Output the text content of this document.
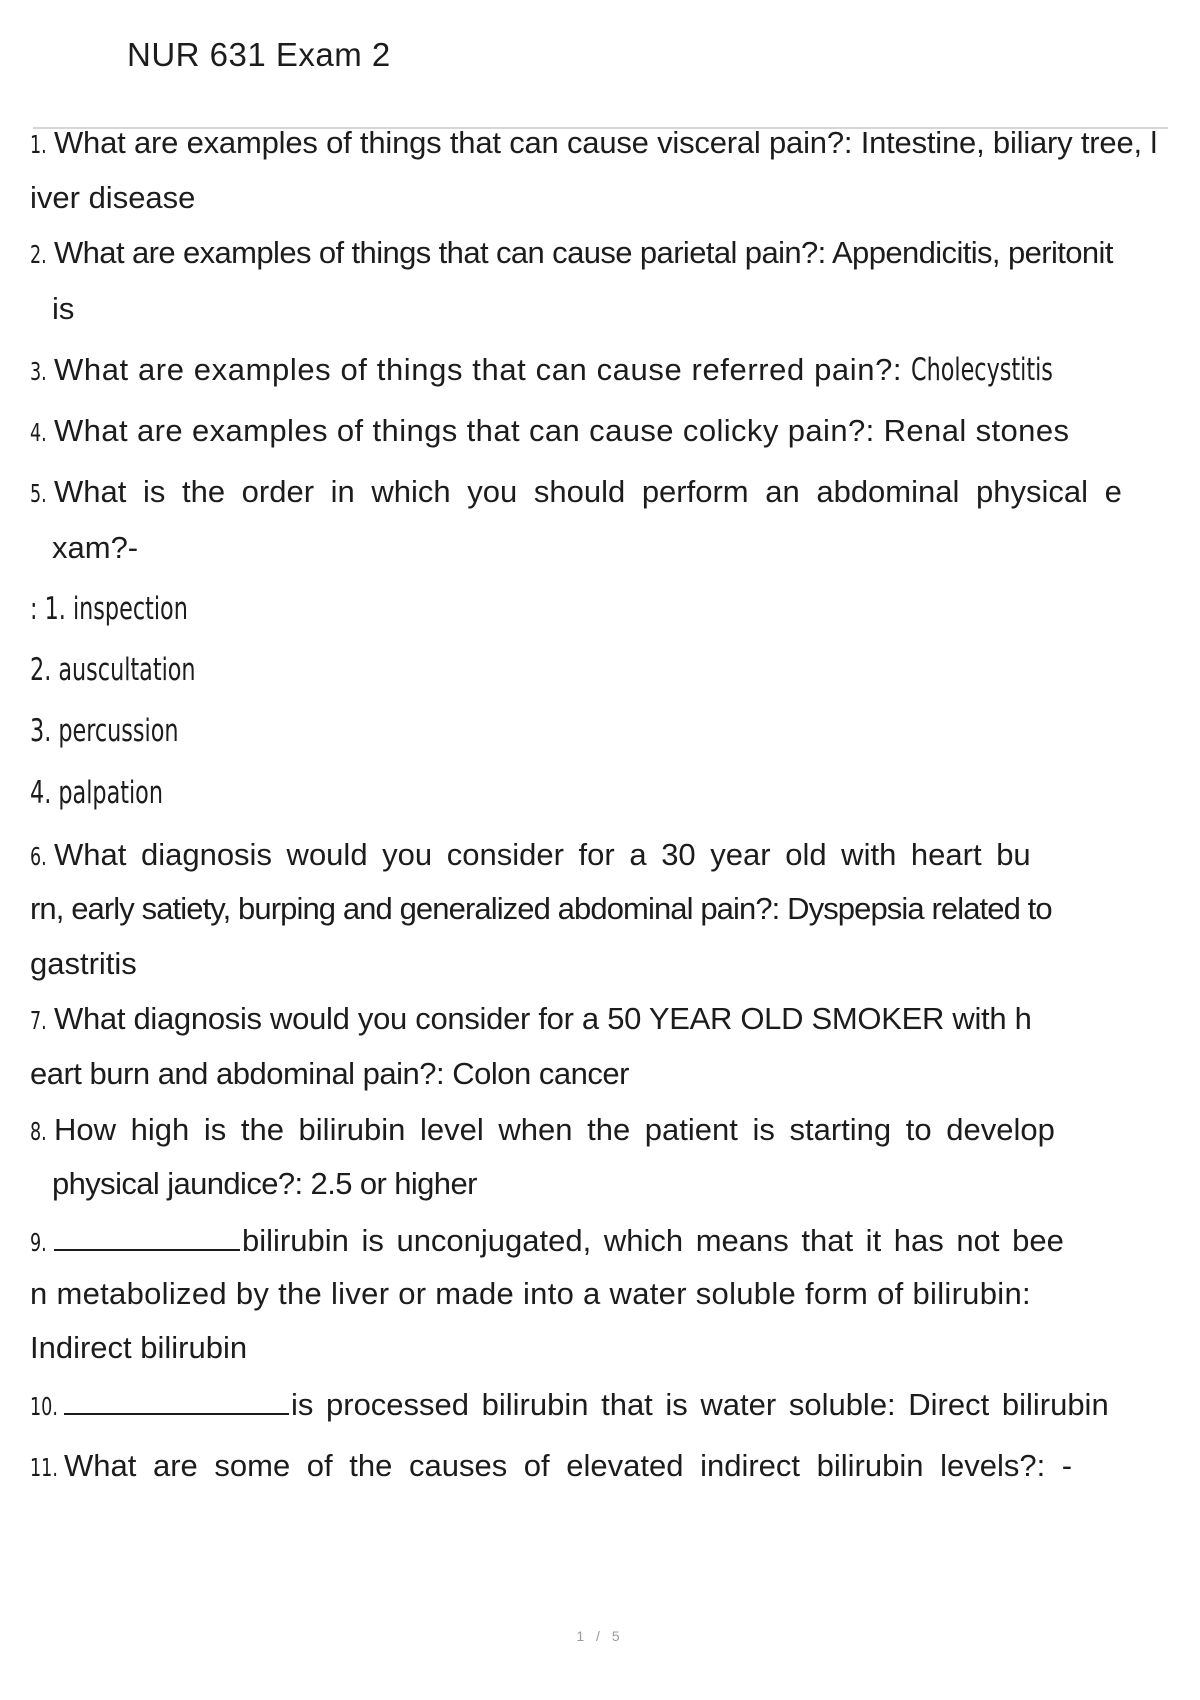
NUR 631 Exam 2
1. What are examples of things that can cause visceral pain?: Intestine, biliary tree, l
iver disease
2. What are examples of things that can cause parietal pain?: Appendicitis, peritonit
is
3. What are examples of things that can cause referred pain?: Cholecystitis
4. What are examples of things that can cause colicky pain?: Renal stones
5. What is the order in which you should perform an abdominal physical e
xam?-
: 1. inspection
2. auscultation
3. percussion
4. palpation
6. What diagnosis would you consider for a 30 year old with heart bu
rn, early satiety, burping and generalized abdominal pain?: Dyspepsia related to
gastritis
7. What diagnosis would you consider for a 50 YEAR OLD SMOKER with h
eart burn and abdominal pain?: Colon cancer
8. How high is the bilirubin level when the patient is starting to develop
physical jaundice?: 2.5 or higher
9.	bilirubin is unconjugated, which means that it has not bee
n metabolized by the liver or made into a water soluble form of bilirubin:
Indirect bilirubin
10.	is processed bilirubin that is water soluble: Direct bilirubin
11. What are some of the causes of elevated indirect bilirubin levels?: -
1 / 5
